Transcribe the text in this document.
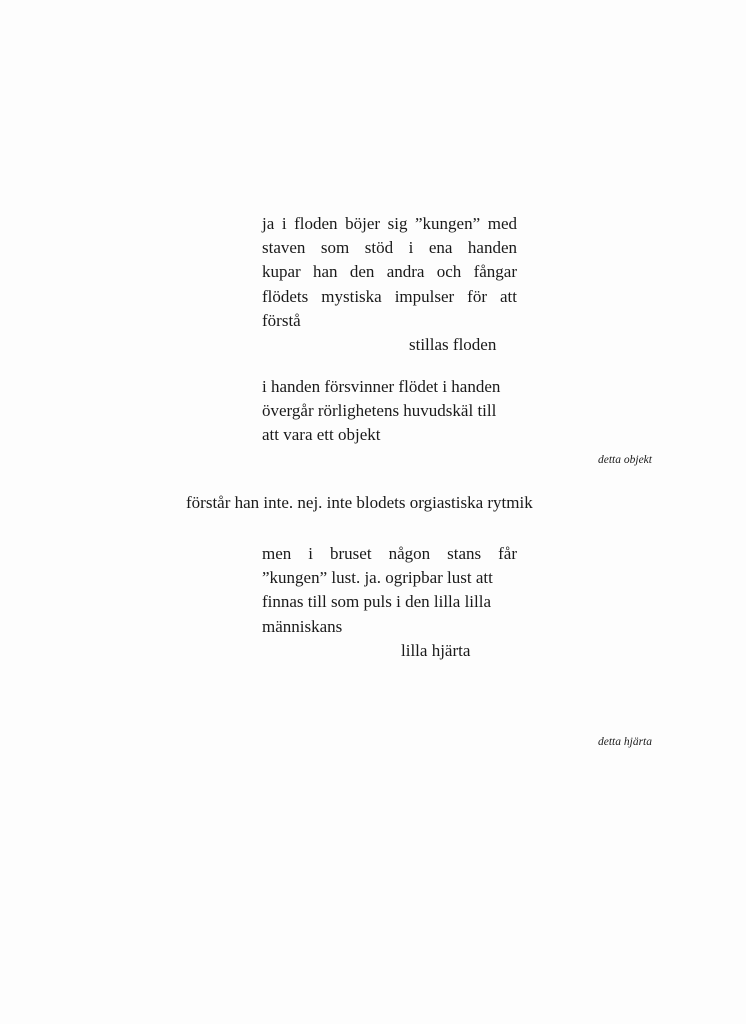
ja i floden böjer sig ”kungen” med
staven som stöd i ena handen
kupar han den andra och fångar
flödets mystiska impulser för att
förstå
stillas floden
i handen försvinner flödet i handen
övergår rörlighetens huvudskäl till
att vara ett objekt
detta objekt
förstår han inte. nej. inte blodets orgiastiska rytmik
men i bruset någon stans får
”kungen” lust. ja. ogripbar lust att
finnas till som puls i den lilla lilla
människans
lilla hjärta
detta hjärta
